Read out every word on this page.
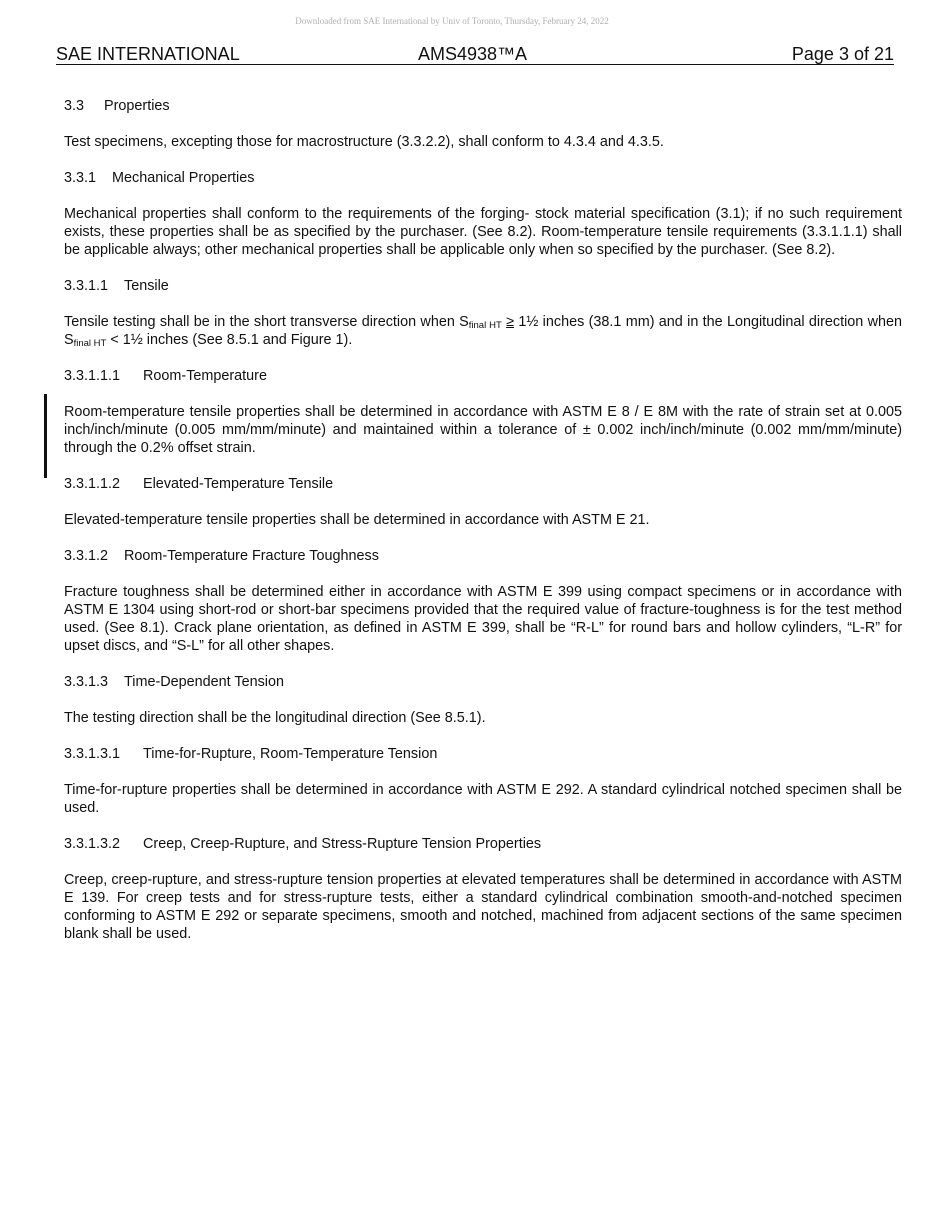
Downloaded from SAE International by Univ of Toronto, Thursday, February 24, 2022
SAE INTERNATIONAL	AMS4938™A	Page 3 of 21
3.3 Properties

Test specimens, excepting those for macrostructure (3.3.2.2), shall conform to 4.3.4 and 4.3.5.

3.3.1 Mechanical Properties

Mechanical properties shall conform to the requirements of the forging- stock material specification (3.1); if no such requirement exists, these properties shall be as specified by the purchaser. (See 8.2). Room-temperature tensile requirements (3.3.1.1.1) shall be applicable always; other mechanical properties shall be applicable only when so specified by the purchaser. (See 8.2).

3.3.1.1 Tensile

Tensile testing shall be in the short transverse direction when $S_{final HT}$ ≥ 1½ inches (38.1 mm) and in the Longitudinal direction when $S_{final HT}$ < 1½ inches (See 8.5.1 and Figure 1).

3.3.1.1.1 Room-Temperature

Room-temperature tensile properties shall be determined in accordance with ASTM E 8 / E 8M with the rate of strain set at 0.005 inch/inch/minute (0.005 mm/mm/minute) and maintained within a tolerance of ± 0.002 inch/inch/minute (0.002 mm/mm/minute) through the 0.2% offset strain.

3.3.1.1.2 Elevated-Temperature Tensile

Elevated-temperature tensile properties shall be determined in accordance with ASTM E 21.

3.3.1.2 Room-Temperature Fracture Toughness

Fracture toughness shall be determined either in accordance with ASTM E 399 using compact specimens or in accordance with ASTM E 1304 using short-rod or short-bar specimens provided that the required value of fracture-toughness is for the test method used. (See 8.1). Crack plane orientation, as defined in ASTM E 399, shall be “R-L” for round bars and hollow cylinders, “L-R” for upset discs, and “S-L” for all other shapes.

3.3.1.3 Time-Dependent Tension

The testing direction shall be the longitudinal direction (See 8.5.1).

3.3.1.3.1 Time-for-Rupture, Room-Temperature Tension

Time-for-rupture properties shall be determined in accordance with ASTM E 292. A standard cylindrical notched specimen shall be used.

3.3.1.3.2 Creep, Creep-Rupture, and Stress-Rupture Tension Properties

Creep, creep-rupture, and stress-rupture tension properties at elevated temperatures shall be determined in accordance with ASTM E 139. For creep tests and for stress-rupture tests, either a standard cylindrical combination smooth-and-notched specimen conforming to ASTM E 292 or separate specimens, smooth and notched, machined from adjacent sections of the same specimen blank shall be used.
